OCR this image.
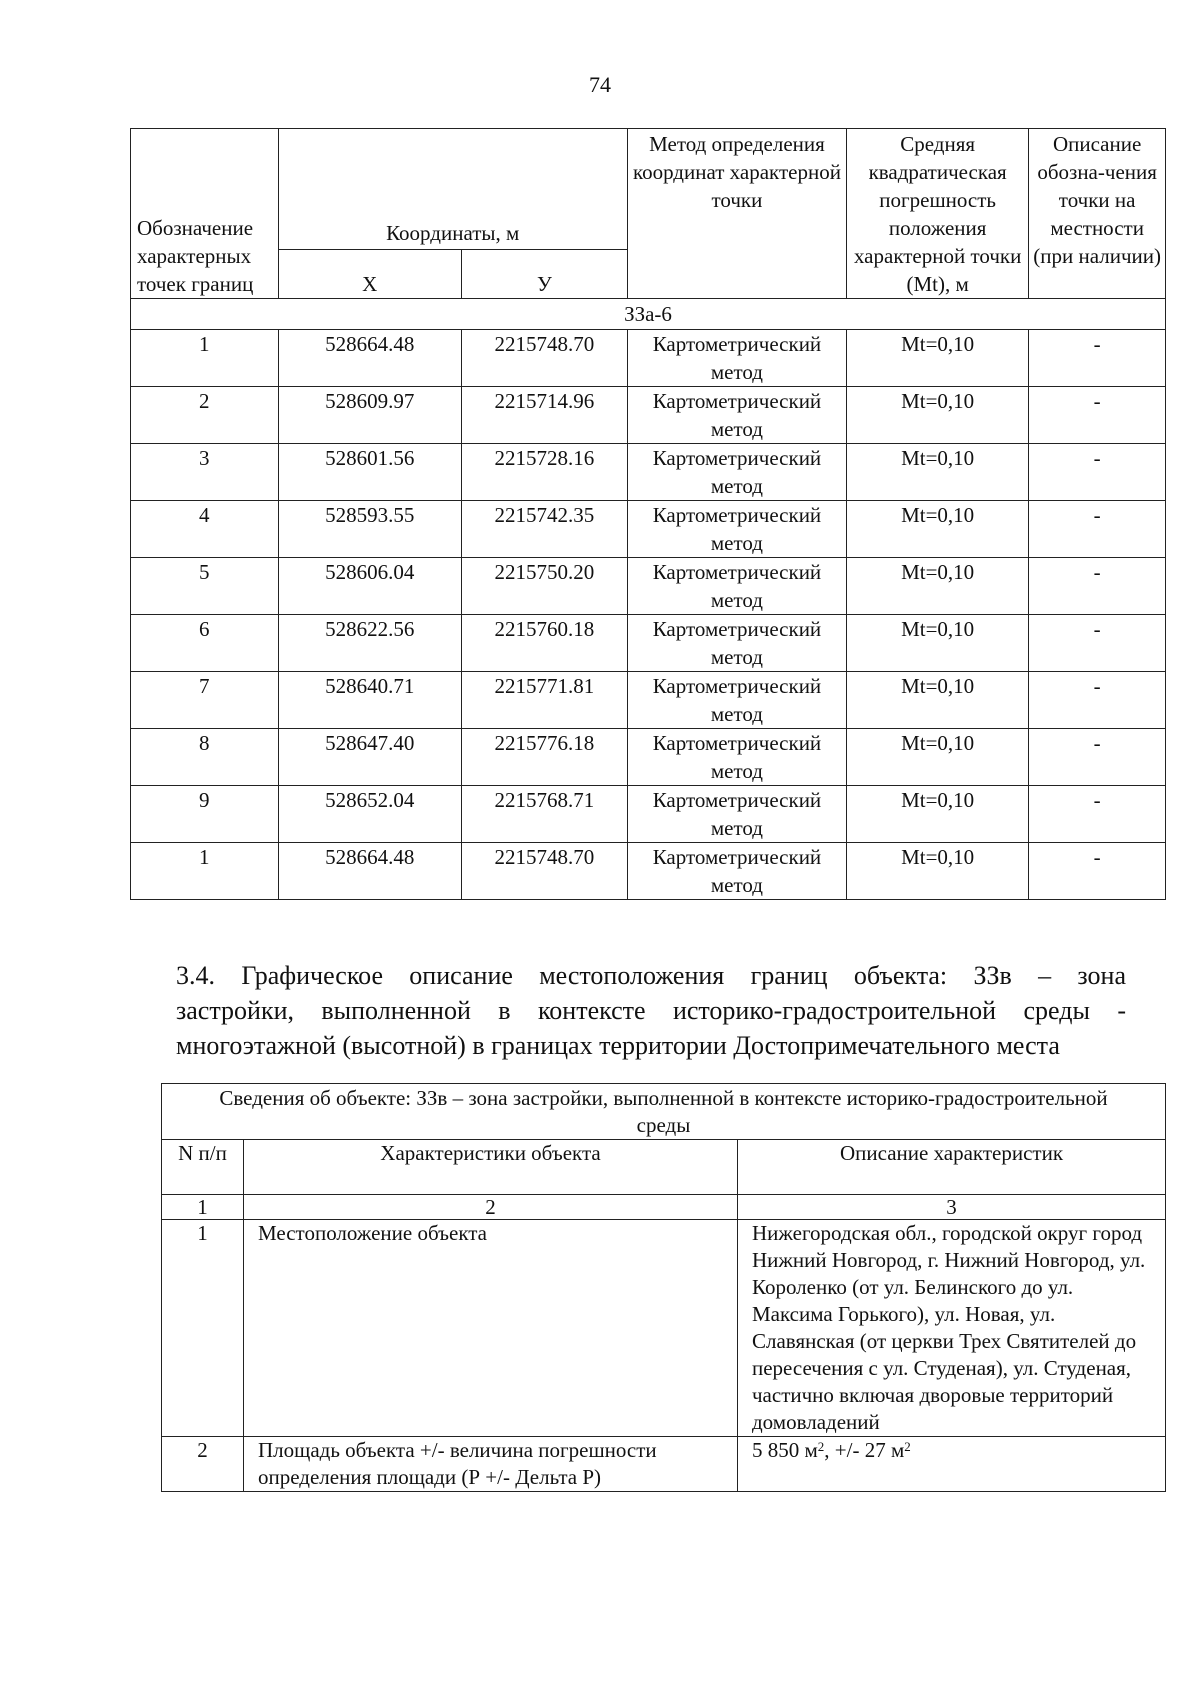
74
Обозначение характерных точек границ	Координаты, м		Метод определения координат характерной точки	Средняя квадратическая погрешность положения характерной точки (Mt), м	Описание обозна-чения точки на местности (при наличии)
	Х	У			
ЗЗа-6					
1	528664.48	2215748.70	Картометрический метод	Mt=0,10	-
2	528609.97	2215714.96	Картометрический метод	Mt=0,10	-
3	528601.56	2215728.16	Картометрический метод	Mt=0,10	-
4	528593.55	2215742.35	Картометрический метод	Mt=0,10	-
5	528606.04	2215750.20	Картометрический метод	Mt=0,10	-
6	528622.56	2215760.18	Картометрический метод	Mt=0,10	-
7	528640.71	2215771.81	Картометрический метод	Mt=0,10	-
8	528647.40	2215776.18	Картометрический метод	Mt=0,10	-
9	528652.04	2215768.71	Картометрический метод	Mt=0,10	-
1	528664.48	2215748.70	Картометрический метод	Mt=0,10	-
3.4. Графическое описание местоположения границ объекта: ЗЗв – зона
застройки, выполненной в контексте историко-градостроительной среды -
многоэтажной (высотной) в границах территории Достопримечательного места
Сведения об объекте: ЗЗв – зона застройки, выполненной в контексте историко-градостроительной среды		
N п/п	Характеристики объекта	Описание характеристик
1	2	3
1	Местоположение объекта	Нижегородская обл., городской округ город Нижний Новгород, г. Нижний Новгород, ул. Короленко (от ул. Белинского до ул. Максима Горького), ул. Новая, ул. Славянская (от церкви Трех Святителей до пересечения с ул. Студеная), ул. Студеная, частично включая дворовые территорий домовладений
2	Площадь объекта +/- величина погрешности определения площади (Р +/- Дельта Р)	5 850 $м^2$, +/- 27 $м^2$
